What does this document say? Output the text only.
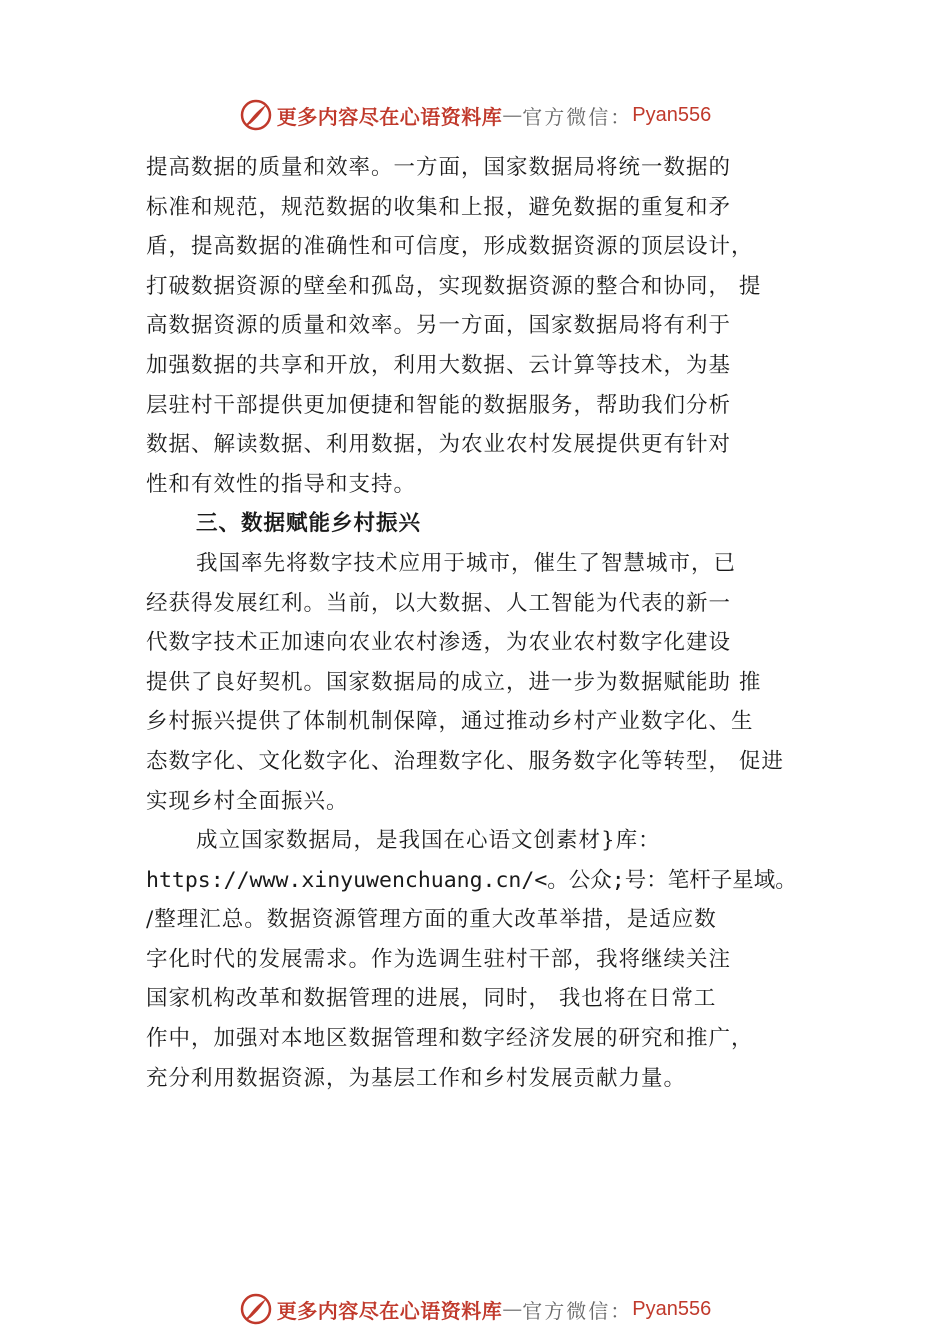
更多内容尽在心语资料库 — 官方微信： Pyan556
提高数据的质量和效率。一方面，国家数据局将统一数据的
标准和规范，规范数据的收集和上报，避免数据的重复和矛
盾，提高数据的准确性和可信度，形成数据资源的顶层设计，
打破数据资源的壁垒和孤岛，实现数据资源的整合和协同， 提
高数据资源的质量和效率。另一方面，国家数据局将有利于
加强数据的共享和开放，利用大数据、云计算等技术，为基
层驻村干部提供更加便捷和智能的数据服务，帮助我们分析
数据、解读数据、利用数据，为农业农村发展提供更有针对
性和有效性的指导和支持。
三、数据赋能乡村振兴
我国率先将数字技术应用于城市，催生了智慧城市，已
经获得发展红利。当前，以大数据、人工智能为代表的新一
代数字技术正加速向农业农村渗透，为农业农村数字化建设
提供了良好契机。国家数据局的成立，进一步为数据赋能助 推
乡村振兴提供了体制机制保障，通过推动乡村产业数字化、生
态数字化、文化数字化、治理数字化、服务数字化等转型， 促进
实现乡村全面振兴。
成立国家数据局，是我国在心语文创素材}库：
https://www.xinyuwenchuang.cn/<。公众;号：笔杆子星域。
/整理汇总。数据资源管理方面的重大改革举措，是适应数
字化时代的发展需求。作为选调生驻村干部，我将继续关注
国家机构改革和数据管理的进展，同时， 我也将在日常工
作中，加强对本地区数据管理和数字经济发展的研究和推广，
充分利用数据资源，为基层工作和乡村发展贡献力量。
更多内容尽在心语资料库 — 官方微信： Pyan556
